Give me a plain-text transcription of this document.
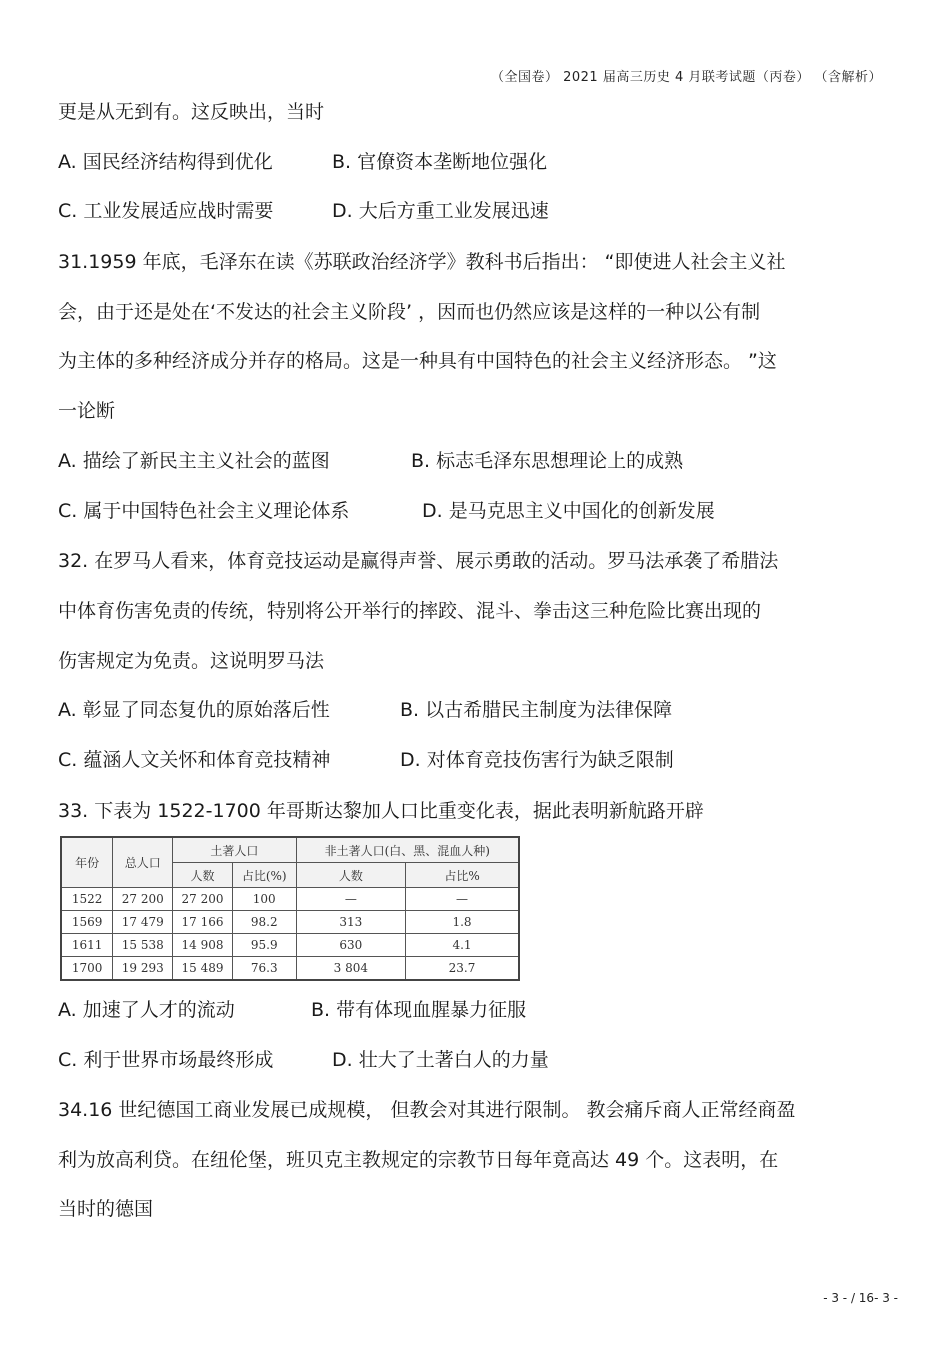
（全国卷） 2021 届高三历史 4 月联考试题（丙卷） （含解析）
更是从无到有。这反映出，当时
A. 国民经济结构得到优化	B. 官僚资本垄断地位强化
C. 工业发展适应战时需要	D. 大后方重工业发展迅速
31.1959 年底，毛泽东在读《苏联政治经济学》教科书后指出： “即使进人社会主义社
会，由于还是处在‘不发达的社会主义阶段’ ，因而也仍然应该是这样的一种以公有制
为主体的多种经济成分并存的格局。这是一种具有中国特色的社会主义经济形态。 ”这
一论断
A. 描绘了新民主主义社会的蓝图	B. 标志毛泽东思想理论上的成熟
C. 属于中国特色社会主义理论体系	D. 是马克思主义中国化的创新发展
32. 在罗马人看来，体育竞技运动是赢得声誉、展示勇敢的活动。罗马法承袭了希腊法
中体育伤害免责的传统，特别将公开举行的摔跤、混斗、拳击这三种危险比赛出现的
伤害规定为免责。这说明罗马法
A. 彰显了同态复仇的原始落后性	B. 以古希腊民主制度为法律保障
C. 蕴涵人文关怀和体育竞技精神	D. 对体育竞技伤害行为缺乏限制
33. 下表为 1522-1700 年哥斯达黎加人口比重变化表，据此表明新航路开辟
年份	总人口	土著人口		非土著人口(白、黑、混血人种)	
		人数	占比(%)	人数	占比%
1522	27 200	27 200	100	—	—
1569	17 479	17 166	98.2	313	1.8
1611	15 538	14 908	95.9	630	4.1
1700	19 293	15 489	76.3	3 804	23.7
A. 加速了人才的流动	B. 带有体现血腥暴力征服
C. 利于世界市场最终形成	D. 壮大了土著白人的力量
34.16 世纪德国工商业发展已成规模， 但教会对其进行限制。 教会痛斥商人正常经商盈
利为放高利贷。在纽伦堡，班贝克主教规定的宗教节日每年竟高达 49 个。这表明，在
当时的德国
- 3 - / 16- 3 -
